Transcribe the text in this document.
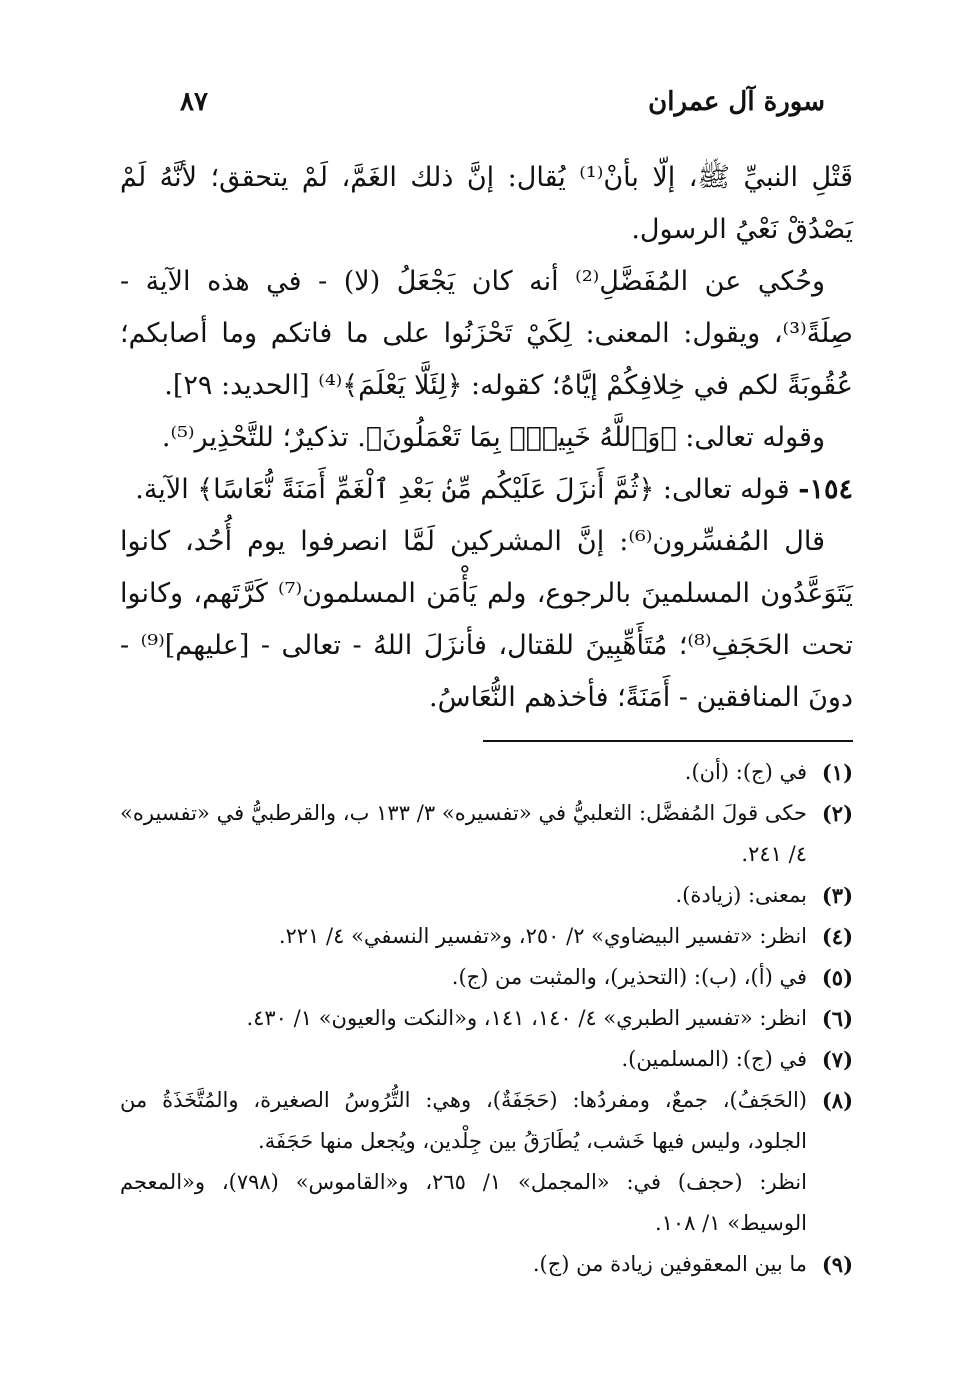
سورة آل عمران
٨٧

قَتْلِ النبيِّ ﷺ، إلّا بأنْ⁽¹⁾ يُقال: إنَّ ذلك الغَمَّ، لَمْ يتحقق؛ لأنَّهُ لَمْ يَصْدُقْ نَعْيُ الرسول.

وحُكي عن المُفَضَّلِ⁽²⁾ أنه كان يَجْعَلُ (لا) - في هذه الآية - صِلَةً⁽³⁾، ويقول: المعنى: لِكَيْ تَحْزَنُوا على ما فاتكم وما أصابكم؛ عُقُوبَةً لكم في خِلافِكُمْ إيَّاهُ؛ كقوله: ﴿لِئَلَّا يَعْلَمَ﴾⁽⁴⁾ [الحديد: ٢٩].

وقوله تعالى: ﴿وَٱللَّهُ خَبِيرٌۢ بِمَا تَعْمَلُونَ﴾. تذكيرٌ؛ للتَّحْذِير⁽⁵⁾.

١٥٤- قوله تعالى: ﴿ثُمَّ أَنزَلَ عَلَيْكُم مِّنۢ بَعْدِ ٱلْغَمِّ أَمَنَةً نُّعَاسًا﴾ الآية.

قال المُفسِّرون⁽⁶⁾: إنَّ المشركين لَمَّا انصرفوا يوم أُحُد، كانوا يَتَوَعَّدُون المسلمينَ بالرجوع، ولم يَأْمَن المسلمون⁽⁷⁾ كَرَّتَهم، وكانوا تحت الحَجَفِ⁽⁸⁾؛ مُتَأَهِّبِينَ للقتال، فأنزَلَ اللهُ - تعالى - [عليهم]⁽⁹⁾ - دونَ المنافقين - أَمَنَةً؛ فأخذهم النُّعَاسُ.

(١)
في (ج): (أن).
(٢)
حكى قولَ المُفضَّل: الثعلبيُّ في «تفسيره» ٣/ ١٣٣ ب، والقرطبيُّ في «تفسيره» ٤/ ٢٤١.
(٣)
بمعنى: (زيادة).
(٤)
انظر: «تفسير البيضاوي» ٢/ ٢٥٠، و«تفسير النسفي» ٤/ ٢٢١.
(٥)
في (أ)، (ب): (التحذير)، والمثبت من (ج).
(٦)
انظر: «تفسير الطبري» ٤/ ١٤٠، ١٤١، و«النكت والعيون» ١/ ٤٣٠.
(٧)
في (ج): (المسلمين).
(٨)
(الحَجَفُ)، جمعٌ، ومفردُها: (حَجَفَةٌ)، وهي: التُّرُوسُ الصغيرة، والمُتَّخَذَةُ من الجلود، وليس فيها خَشب، يُطَارَقُ بين جِلْدين، ويُجعل منها حَجَفَة.
انظر: (حجف) في: «المجمل» ١/ ٢٦٥، و«القاموس» (٧٩٨)، و«المعجم الوسيط» ١/ ١٠٨.
(٩)
ما بين المعقوفين زيادة من (ج).
